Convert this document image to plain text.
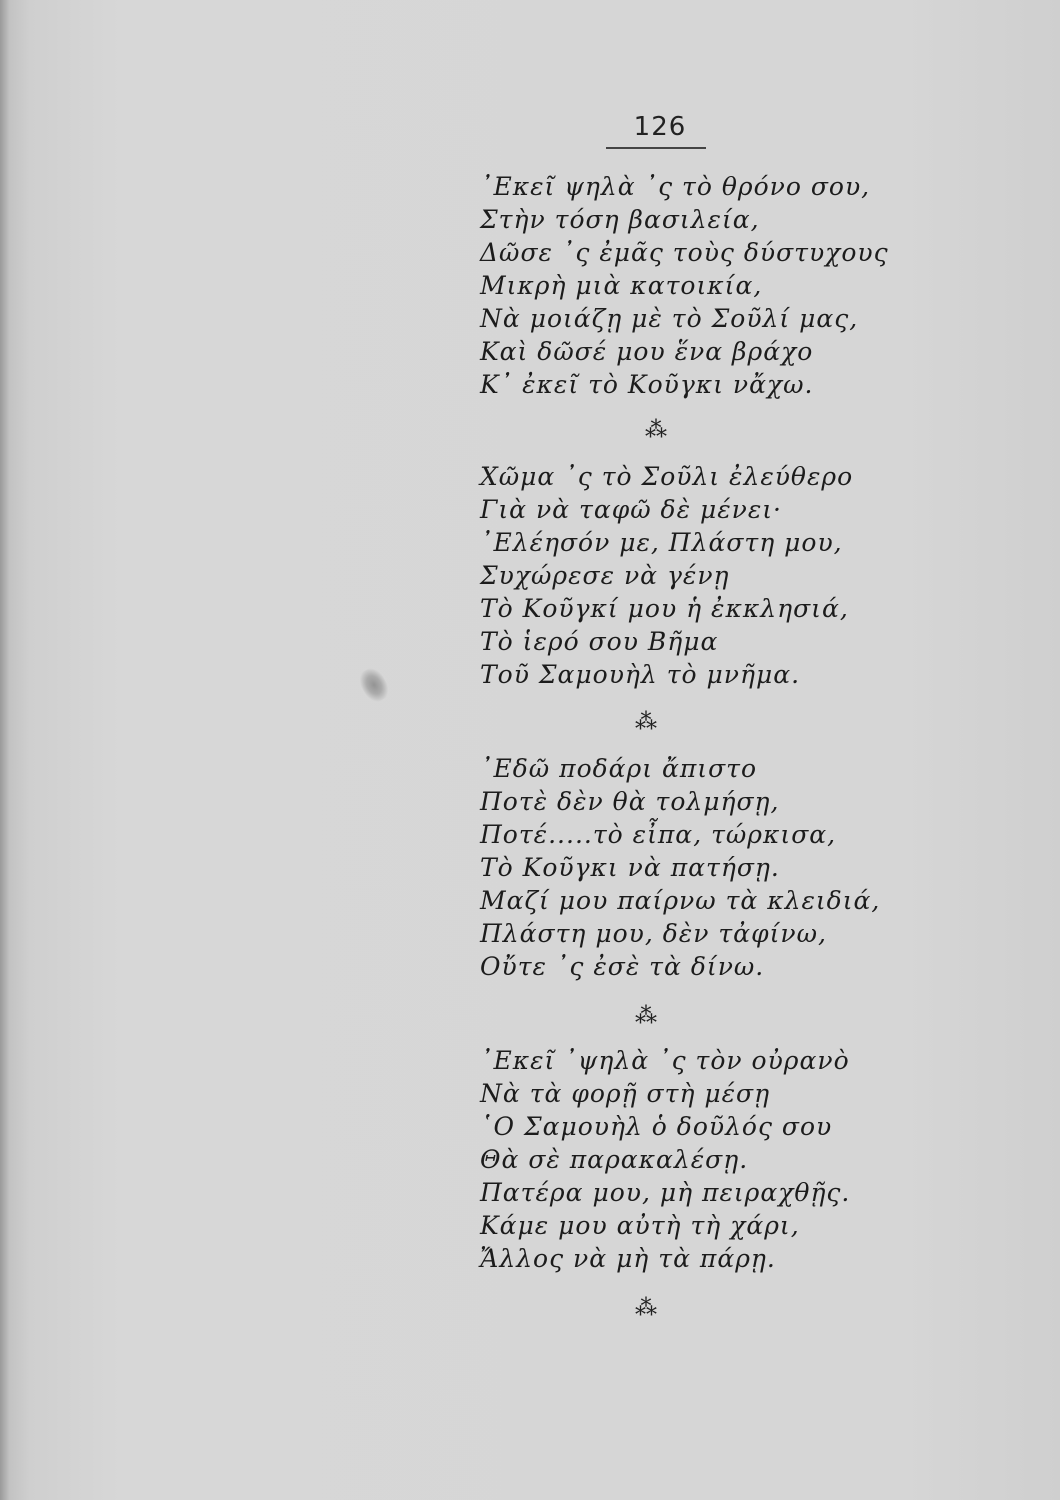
126
᾿Εκεῖ ψηλὰ ᾽ς τὸ θρόνο σου,
Στὴν τόση βασιλεία,
Δῶσε ᾽ς ἐμᾶς τοὺς δύστυχους
Μικρὴ μιὰ κατοικία,
Νὰ μοιάζῃ μὲ τὸ Σοῦλί μας,
Καὶ δῶσέ μου ἕνα βράχο
Κ᾽ ἐκεῖ τὸ Κοῦγκι νἄχω.
⁂
Χῶμα ᾽ς τὸ Σοῦλι ἐλεύθερο
Γιὰ νὰ ταφῶ δὲ μένει·
᾿Ελέησόν με, Πλάστη μου,
Συχώρεσε νὰ γένῃ
Τὸ Κοῦγκί μου ἡ ἐκκλησιά,
Τὸ ἱερό σου Βῆμα
Τοῦ Σαμουὴλ τὸ μνῆμα.
⁂
᾿Εδῶ ποδάρι ἄπιστο
Ποτὲ δὲν θὰ τολμήσῃ,
Ποτέ.....τὸ εἶπα, τώρκισα,
Τὸ Κοῦγκι νὰ πατήσῃ.
Μαζί μου παίρνω τὰ κλειδιά,
Πλάστη μου, δὲν τἀφίνω,
Οὔτε ᾽ς ἐσὲ τὰ δίνω.
⁂
᾿Εκεῖ ᾽ψηλὰ ᾽ς τὸν οὐρανὸ
Νὰ τὰ φορῇ στὴ μέσῃ
῾Ο Σαμουὴλ ὁ δοῦλός σου
Θὰ σὲ παρακαλέσῃ.
Πατέρα μου, μὴ πειραχθῇς.
Κάμε μου αὐτὴ τὴ χάρι,
Ἄλλος νὰ μὴ τὰ πάρῃ.
⁂
